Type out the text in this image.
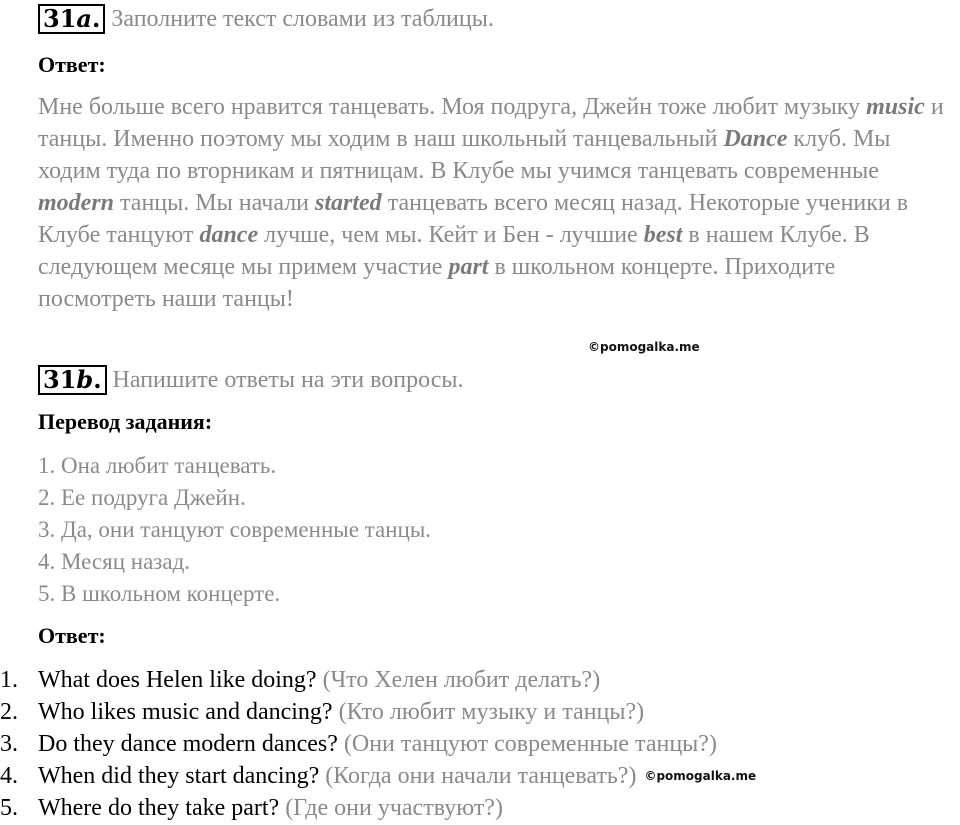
31a. Заполните текст словами из таблицы.
Ответ:
Мне больше всего нравится танцевать. Моя подруга, Джейн тоже любит музыку music и танцы. Именно поэтому мы ходим в наш школьный танцевальный Dance клуб. Мы ходим туда по вторникам и пятницам. В Клубе мы учимся танцевать современные modern танцы. Мы начали started танцевать всего месяц назад. Некоторые ученики в Клубе танцуют dance лучше, чем мы. Кейт и Бен - лучшие best в нашем Клубе. В следующем месяце мы примем участие part в школьном концерте. Приходите посмотреть наши танцы!
©pomogalka.me
31b. Напишите ответы на эти вопросы.
Перевод задания:
1. Она любит танцевать.
2. Ее подруга Джейн.
3. Да, они танцуют современные танцы.
4. Месяц назад.
5. В школьном концерте.
Ответ:
1. What does Helen like doing? (Что Хелен любит делать?)
2. Who likes music and dancing? (Кто любит музыку и танцы?)
3. Do they dance modern dances? (Они танцуют современные танцы?)
4. When did they start dancing? (Когда они начали танцевать?) ©pomogalka.me
5. Where do they take part? (Где они участвуют?)
